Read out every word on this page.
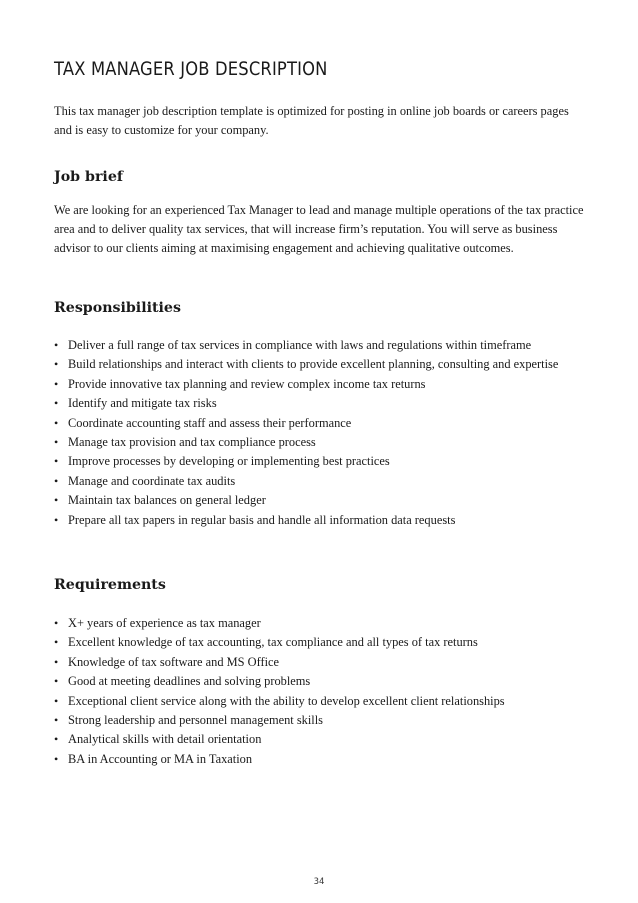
TAX MANAGER JOB DESCRIPTION

This tax manager job description template is optimized for posting in online job boards or careers pages and is easy to customize for your company.

Job brief

We are looking for an experienced Tax Manager to lead and manage multiple operations of the tax practice area and to deliver quality tax services, that will increase firm’s reputation. You will serve as business advisor to our clients aiming at maximising engagement and achieving qualitative outcomes.

Responsibilities
• Deliver a full range of tax services in compliance with laws and regulations within timeframe
• Build relationships and interact with clients to provide excellent planning, consulting and expertise
• Provide innovative tax planning and review complex income tax returns
• Identify and mitigate tax risks
• Coordinate accounting staff and assess their performance
• Manage tax provision and tax compliance process
• Improve processes by developing or implementing best practices
• Manage and coordinate tax audits
• Maintain tax balances on general ledger
• Prepare all tax papers in regular basis and handle all information data requests
Requirements
• X+ years of experience as tax manager
• Excellent knowledge of tax accounting, tax compliance and all types of tax returns
• Knowledge of tax software and MS Office
• Good at meeting deadlines and solving problems
• Exceptional client service along with the ability to develop excellent client relationships
• Strong leadership and personnel management skills
• Analytical skills with detail orientation
• BA in Accounting or MA in Taxation
34
